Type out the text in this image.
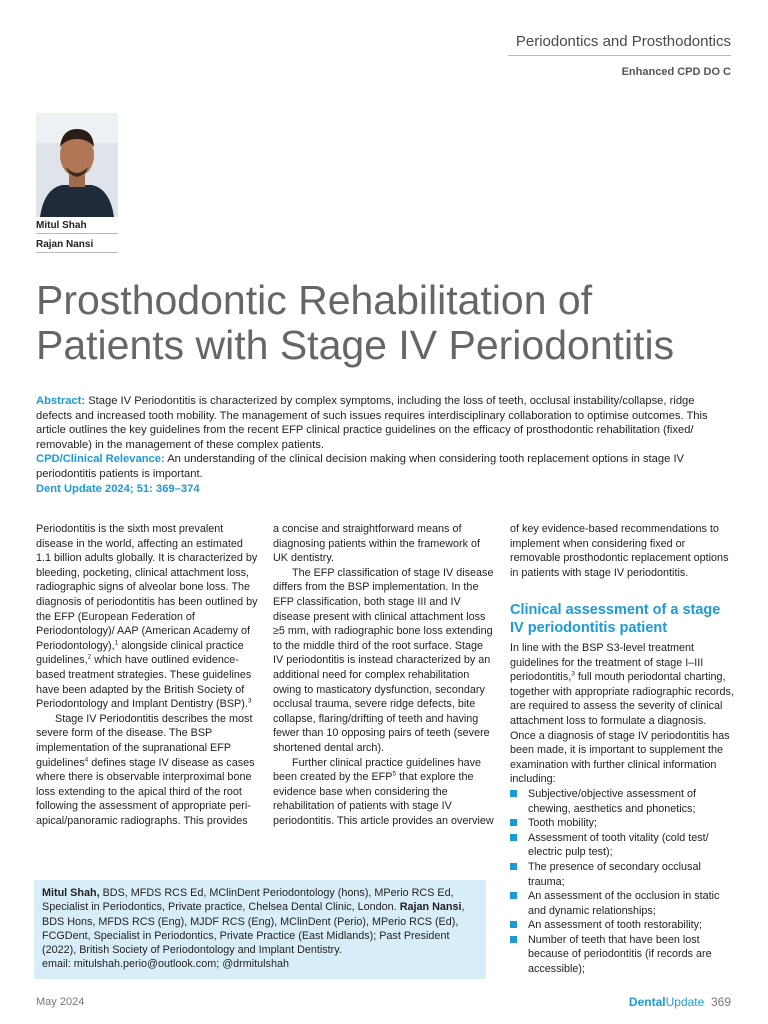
Periodontics and Prosthodontics
Enhanced CPD DO C
Mitul Shah
Rajan Nansi
Prosthodontic Rehabilitation of Patients with Stage IV Periodontitis
Abstract: Stage IV Periodontitis is characterized by complex symptoms, including the loss of teeth, occlusal instability/collapse, ridge defects and increased tooth mobility. The management of such issues requires interdisciplinary collaboration to optimise outcomes. This article outlines the key guidelines from the recent EFP clinical practice guidelines on the efficacy of prosthodontic rehabilitation (fixed/ removable) in the management of these complex patients.
CPD/Clinical Relevance: An understanding of the clinical decision making when considering tooth replacement options in stage IV periodontitis patients is important.
Dent Update 2024; 51: 369–374

Periodontitis is the sixth most prevalent disease in the world, affecting an estimated 1.1 billion adults globally. It is characterized by bleeding, pocketing, clinical attachment loss, radiographic signs of alveolar bone loss. The diagnosis of periodontitis has been outlined by the EFP (European Federation of Periodontology)/ AAP (American Academy of Periodontology),$^1$ alongside clinical practice guidelines,$^2$ which have outlined evidence-based treatment strategies. These guidelines have been adapted by the British Society of Periodontology and Implant Dentistry (BSP).$^3$

Stage IV Periodontitis describes the most severe form of the disease. The BSP implementation of the supranational EFP guidelines$^4$ defines stage IV disease as cases where there is observable interproximal bone loss extending to the apical third of the root following the assessment of appropriate peri-apical/panoramic radiographs. This provides

a concise and straightforward means of diagnosing patients within the framework of UK dentistry.

The EFP classification of stage IV disease differs from the BSP implementation. In the EFP classification, both stage III and IV disease present with clinical attachment loss ≥5 mm, with radiographic bone loss extending to the middle third of the root surface. Stage IV periodontitis is instead characterized by an additional need for complex rehabilitation owing to masticatory dysfunction, secondary occlusal trauma, severe ridge defects, bite collapse, flaring/drifting of teeth and having fewer than 10 opposing pairs of teeth (severe shortened dental arch).

Further clinical practice guidelines have been created by the EFP$^5$ that explore the evidence base when considering the rehabilitation of patients with stage IV periodontitis. This article provides an overview

of key evidence-based recommendations to implement when considering fixed or removable prosthodontic replacement options in patients with stage IV periodontitis.

Clinical assessment of a stage IV periodontitis patient

In line with the BSP S3-level treatment guidelines for the treatment of stage I–III periodontitis,$^3$ full mouth periodontal charting, together with appropriate radiographic records, are required to assess the severity of clinical attachment loss to formulate a diagnosis. Once a diagnosis of stage IV periodontitis has been made, it is important to supplement the examination with further clinical information including:

Subjective/objective assessment of chewing, aesthetics and phonetics;
Tooth mobility;
Assessment of tooth vitality (cold test/ electric pulp test);
The presence of secondary occlusal trauma;
An assessment of the occlusion in static and dynamic relationships;
An assessment of tooth restorability;
Number of teeth that have been lost because of periodontitis (if records are accessible);
Mitul Shah, BDS, MFDS RCS Ed, MClinDent Periodontology (hons), MPerio RCS Ed, Specialist in Periodontics, Private practice, Chelsea Dental Clinic, London. Rajan Nansi, BDS Hons, MFDS RCS (Eng), MJDF RCS (Eng), MClinDent (Perio), MPerio RCS (Ed), FCGDent, Specialist in Periodontics, Private Practice (East Midlands); Past President (2022), British Society of Periodontology and Implant Dentistry.
email: mitulshah.perio@outlook.com; @drmitulshah
May 2024	DentalUpdate 369
